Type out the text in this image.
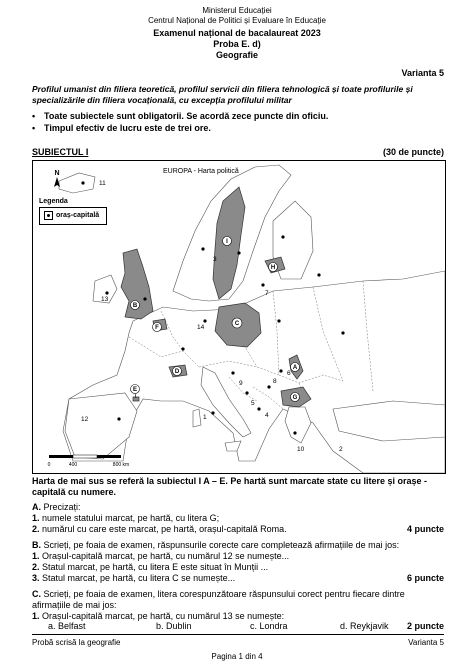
Ministerul Educației
Centrul Național de Politici și Evaluare în Educație
Examenul național de bacalaureat 2023
Proba E. d)
Geografie
Varianta 5
Profilul umanist din filiera teoretică, profilul servicii din filiera tehnologică și toate profilurile și
specializările din filiera vocațională, cu excepția profilului militar
• Toate subiectele sunt obligatorii. Se acordă zece puncte din oficiu.
• Timpul efectiv de lucru este de trei ore.
SUBIECTUL I	(30 de puncte)
I
B
H
F
C
A
D
G
E
11
3
7
13
14
9
12	1
5
4
8
6
10	2
EUROPA - Harta politică
N
Legenda
0	400	800 km
oraș-capitală
Harta de mai sus se referă la subiectul I A – E. Pe hartă sunt marcate state cu litere și orașe -
capitală cu numere.
A. Precizați:
1. numele statului marcat, pe hartă, cu litera G;
2. numărul cu care este marcat, pe hartă, orașul-capitală Roma.	4 puncte
B. Scrieți, pe foaia de examen, răspunsurile corecte care completează afirmațiile de mai jos:
1. Orașul-capitală marcat, pe hartă, cu numărul 12 se numește...
2. Statul marcat, pe hartă, cu litera E este situat în Munții ...
3. Statul marcat, pe hartă, cu litera C se numește...	6 puncte
C. Scrieți, pe foaia de examen, litera corespunzătoare răspunsului corect pentru fiecare dintre
afirmațiile de mai jos:
1. Orașul-capitală marcat, pe hartă, cu numărul 13 se numește:
a. Belfast	b. Dublin	c. Londra	d. Reykjavik 2 puncte
Probă scrisă la geografie	Varianta 5
Pagina 1 din 4
